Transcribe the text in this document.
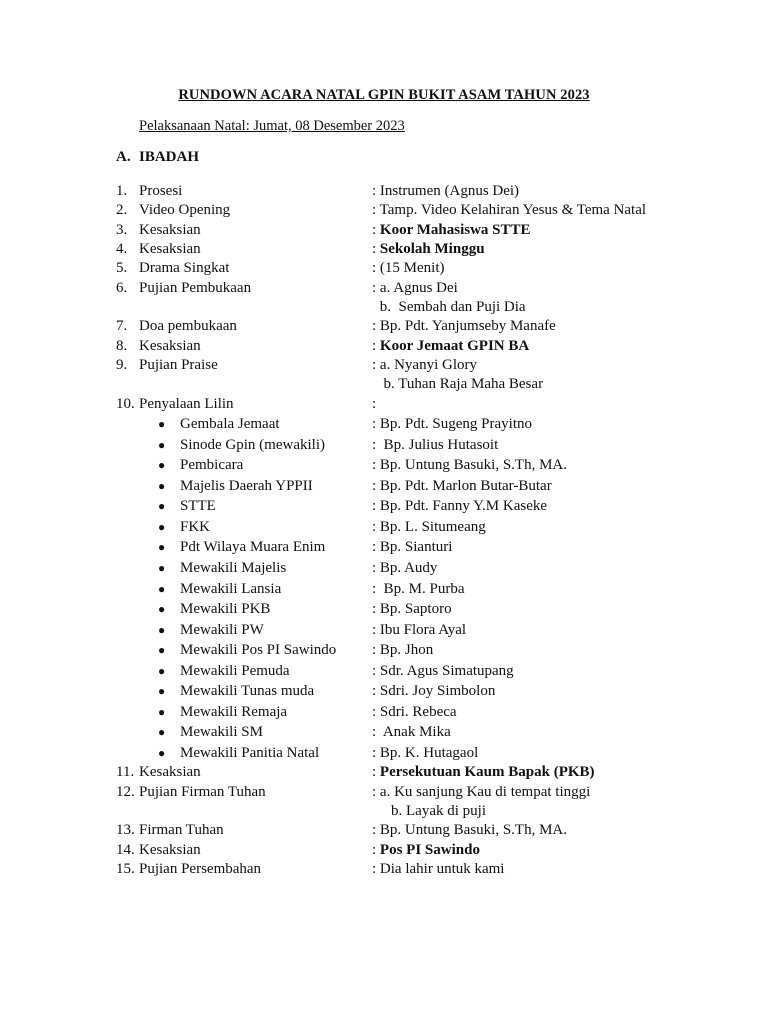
RUNDOWN ACARA NATAL GPIN BUKIT ASAM TAHUN 2023
Pelaksanaan Natal: Jumat, 08 Desember 2023
A. IBADAH
1. Prosesi	: Instrumen (Agnus Dei)
2. Video Opening	: Tamp. Video Kelahiran Yesus & Tema Natal
3. Kesaksian	: Koor Mahasiswa STTE
4. Kesaksian	: Sekolah Minggu
5. Drama Singkat	: (15 Menit)
6. Pujian Pembukaan	: a. Agnus Dei
b.  Sembah dan Puji Dia
7. Doa pembukaan	: Bp. Pdt. Yanjumseby Manafe
8. Kesaksian	: Koor Jemaat GPIN BA
9. Pujian Praise	: a. Nyanyi Glory
b. Tuhan Raja Maha Besar
10. Penyalaan Lilin	:
● Gembala Jemaat	: Bp. Pdt. Sugeng Prayitno
● Sinode Gpin (mewakili)	:  Bp. Julius Hutasoit
● Pembicara	: Bp. Untung Basuki, S.Th, MA.
● Majelis Daerah YPPII	: Bp. Pdt. Marlon Butar-Butar
● STTE	: Bp. Pdt. Fanny Y.M Kaseke
● FKK	: Bp. L. Situmeang
● Pdt Wilaya Muara Enim	: Bp. Sianturi
● Mewakili Majelis	: Bp. Audy
● Mewakili Lansia	:  Bp. M. Purba
● Mewakili PKB	: Bp. Saptoro
● Mewakili PW	: Ibu Flora Ayal
● Mewakili Pos PI Sawindo : Bp. Jhon
● Mewakili Pemuda	: Sdr. Agus Simatupang
● Mewakili Tunas muda	: Sdri. Joy Simbolon
● Mewakili Remaja	: Sdri. Rebeca
● Mewakili SM	:  Anak Mika
● Mewakili Panitia Natal	: Bp. K. Hutagaol
11. Kesaksian	: Persekutuan Kaum Bapak (PKB)
12. Pujian Firman Tuhan	: a. Ku sanjung Kau di tempat tinggi
b. Layak di puji
13. Firman Tuhan	: Bp. Untung Basuki, S.Th, MA.
14. Kesaksian	: Pos PI Sawindo
15. Pujian Persembahan	: Dia lahir untuk kami
